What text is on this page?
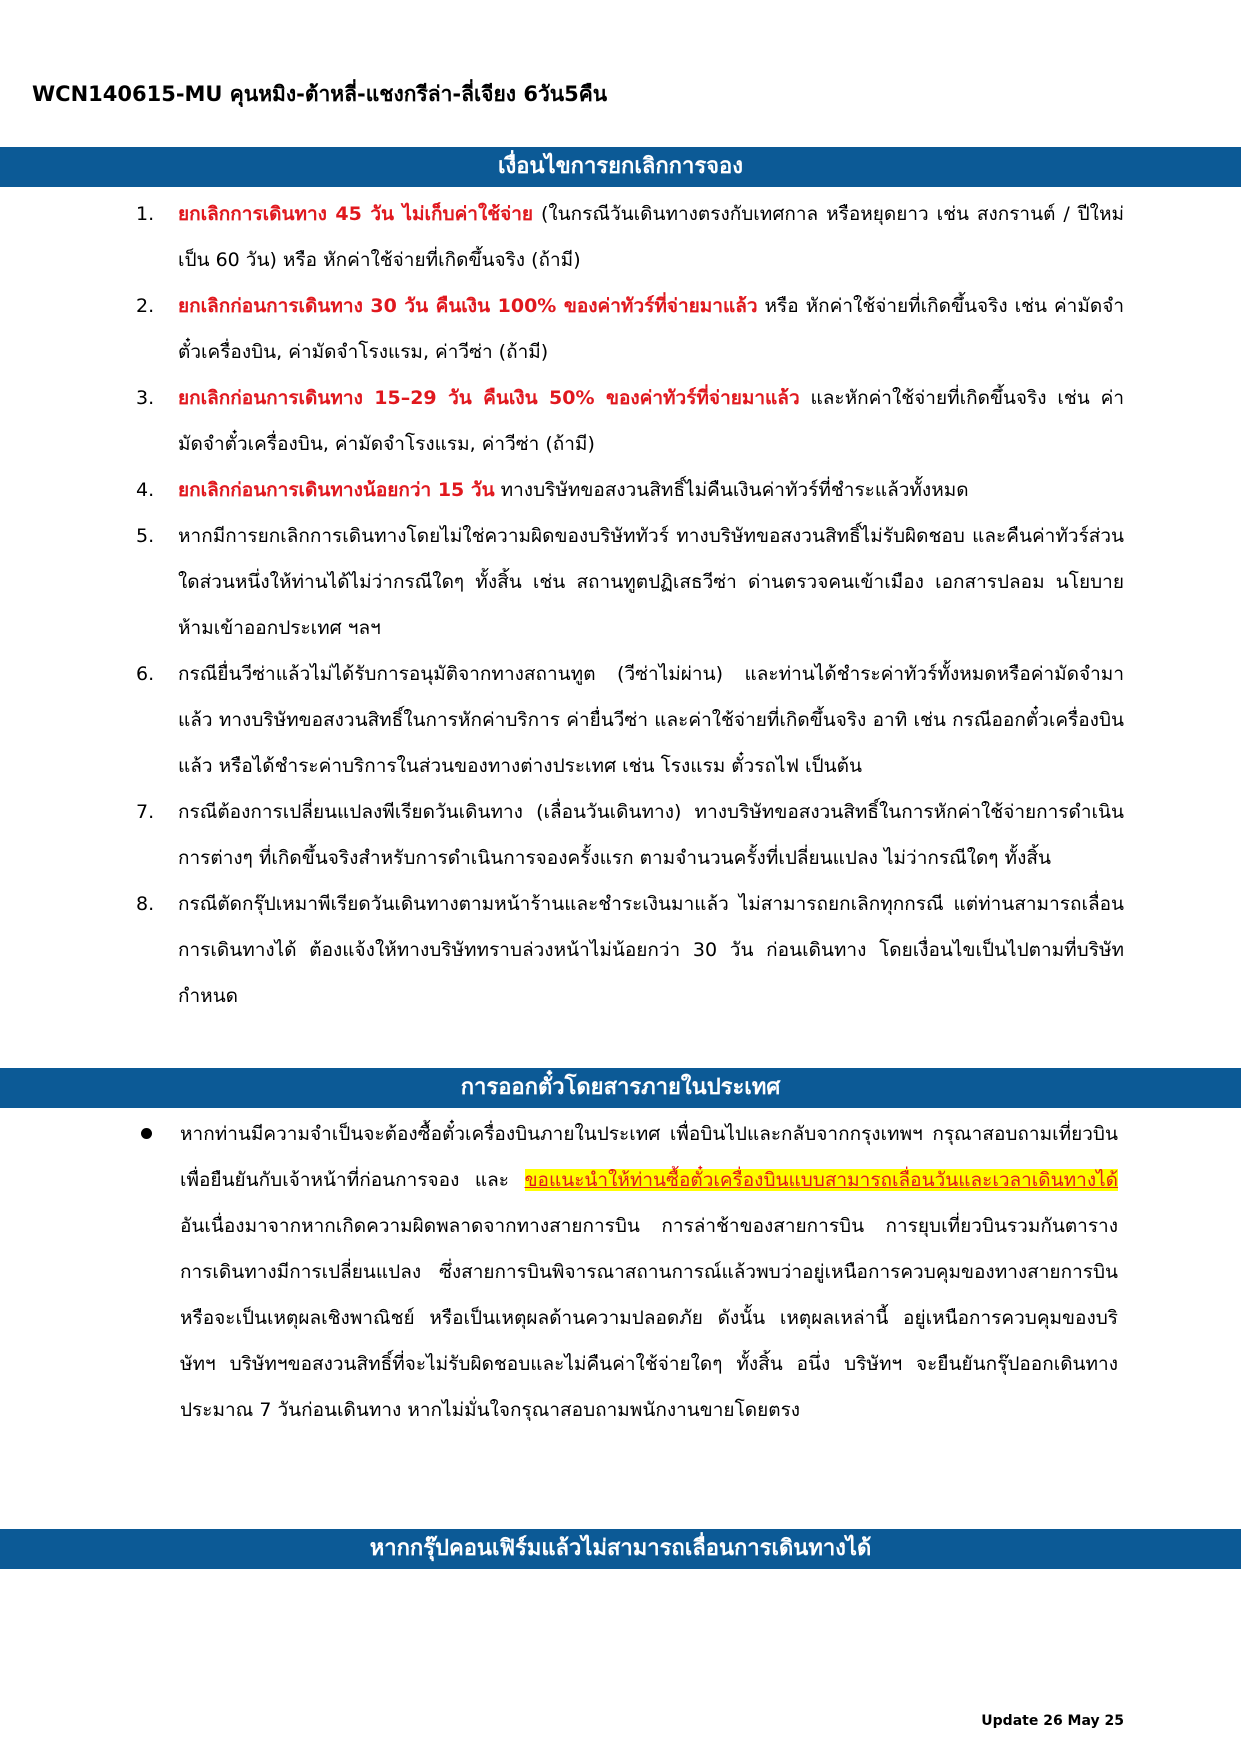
WCN140615-MU คุนหมิง-ต้าหลี่-แชงกรีล่า-ลี่เจียง 6วัน5คืน
เงื่อนไขการยกเลิกการจอง
1. ยกเลิกการเดินทาง 45 วัน ไม่เก็บค่าใช้จ่าย (ในกรณีวันเดินทางตรงกับเทศกาล หรือหยุดยาว เช่น สงกรานต์ / ปีใหม่ เป็น 60 วัน) หรือ หักค่าใช้จ่ายที่เกิดขึ้นจริง (ถ้ามี)
2. ยกเลิกก่อนการเดินทาง 30 วัน คืนเงิน 100% ของค่าทัวร์ที่จ่ายมาแล้ว หรือ หักค่าใช้จ่ายที่เกิดขึ้นจริง เช่น ค่ามัดจำตั๋วเครื่องบิน, ค่ามัดจำโรงแรม, ค่าวีซ่า (ถ้ามี)
3. ยกเลิกก่อนการเดินทาง 15–29 วัน คืนเงิน 50% ของค่าทัวร์ที่จ่ายมาแล้ว และหักค่าใช้จ่ายที่เกิดขึ้นจริง เช่น ค่ามัดจำตั๋วเครื่องบิน, ค่ามัดจำโรงแรม, ค่าวีซ่า (ถ้ามี)
4. ยกเลิกก่อนการเดินทางน้อยกว่า 15 วัน ทางบริษัทขอสงวนสิทธิ์ไม่คืนเงินค่าทัวร์ที่ชำระแล้วทั้งหมด
5. หากมีการยกเลิกการเดินทางโดยไม่ใช่ความผิดของบริษัททัวร์ ทางบริษัทขอสงวนสิทธิ์ไม่รับผิดชอบ และคืนค่าทัวร์ส่วนใดส่วนหนึ่งให้ท่านได้ไม่ว่ากรณีใดๆ ทั้งสิ้น เช่น สถานทูตปฏิเสธวีซ่า ด่านตรวจคนเข้าเมือง เอกสารปลอม นโยบายห้ามเข้าออกประเทศ ฯลฯ
6. กรณียื่นวีซ่าแล้วไม่ได้รับการอนุมัติจากทางสถานทูต (วีซ่าไม่ผ่าน) และท่านได้ชำระค่าทัวร์ทั้งหมดหรือค่ามัดจำมาแล้ว ทางบริษัทขอสงวนสิทธิ์ในการหักค่าบริการ ค่ายื่นวีซ่า และค่าใช้จ่ายที่เกิดขึ้นจริง อาทิ เช่น กรณีออกตั๋วเครื่องบินแล้ว หรือได้ชำระค่าบริการในส่วนของทางต่างประเทศ เช่น โรงแรม ตั๋วรถไฟ เป็นต้น
7. กรณีต้องการเปลี่ยนแปลงพีเรียดวันเดินทาง (เลื่อนวันเดินทาง) ทางบริษัทขอสงวนสิทธิ์ในการหักค่าใช้จ่ายการดำเนินการต่างๆ ที่เกิดขึ้นจริงสำหรับการดำเนินการจองครั้งแรก ตามจำนวนครั้งที่เปลี่ยนแปลง ไม่ว่ากรณีใดๆ ทั้งสิ้น
8. กรณีตัดกรุ๊ปเหมาพีเรียดวันเดินทางตามหน้าร้านและชำระเงินมาแล้ว ไม่สามารถยกเลิกทุกกรณี แต่ท่านสามารถเลื่อนการเดินทางได้ ต้องแจ้งให้ทางบริษัททราบล่วงหน้าไม่น้อยกว่า 30 วัน ก่อนเดินทาง โดยเงื่อนไขเป็นไปตามที่บริษัทกำหนด
การออกตั๋วโดยสารภายในประเทศ
หากท่านมีความจำเป็นจะต้องซื้อตั๋วเครื่องบินภายในประเทศ เพื่อบินไปและกลับจากกรุงเทพฯ กรุณาสอบถามเที่ยวบินเพื่อยืนยันกับเจ้าหน้าที่ก่อนการจอง และ ขอแนะนำให้ท่านซื้อตั๋วเครื่องบินแบบสามารถเลื่อนวันและเวลาเดินทางได้ อันเนื่องมาจากหากเกิดความผิดพลาดจากทางสายการบิน การล่าช้าของสายการบิน การยุบเที่ยวบินรวมกันตารางการเดินทางมีการเปลี่ยนแปลง ซึ่งสายการบินพิจารณาสถานการณ์แล้วพบว่าอยู่เหนือการควบคุมของทางสายการบิน หรือจะเป็นเหตุผลเชิงพาณิชย์ หรือเป็นเหตุผลด้านความปลอดภัย ดังนั้น เหตุผลเหล่านี้ อยู่เหนือการควบคุมของบริษัทฯ บริษัทฯขอสงวนสิทธิ์ที่จะไม่รับผิดชอบและไม่คืนค่าใช้จ่ายใดๆ ทั้งสิ้น อนึ่ง บริษัทฯ จะยืนยันกรุ๊ปออกเดินทางประมาณ 7 วันก่อนเดินทาง หากไม่มั่นใจกรุณาสอบถามพนักงานขายโดยตรง
หากกรุ๊ปคอนเฟิร์มแล้วไม่สามารถเลื่อนการเดินทางได้
Update 26 May 25
